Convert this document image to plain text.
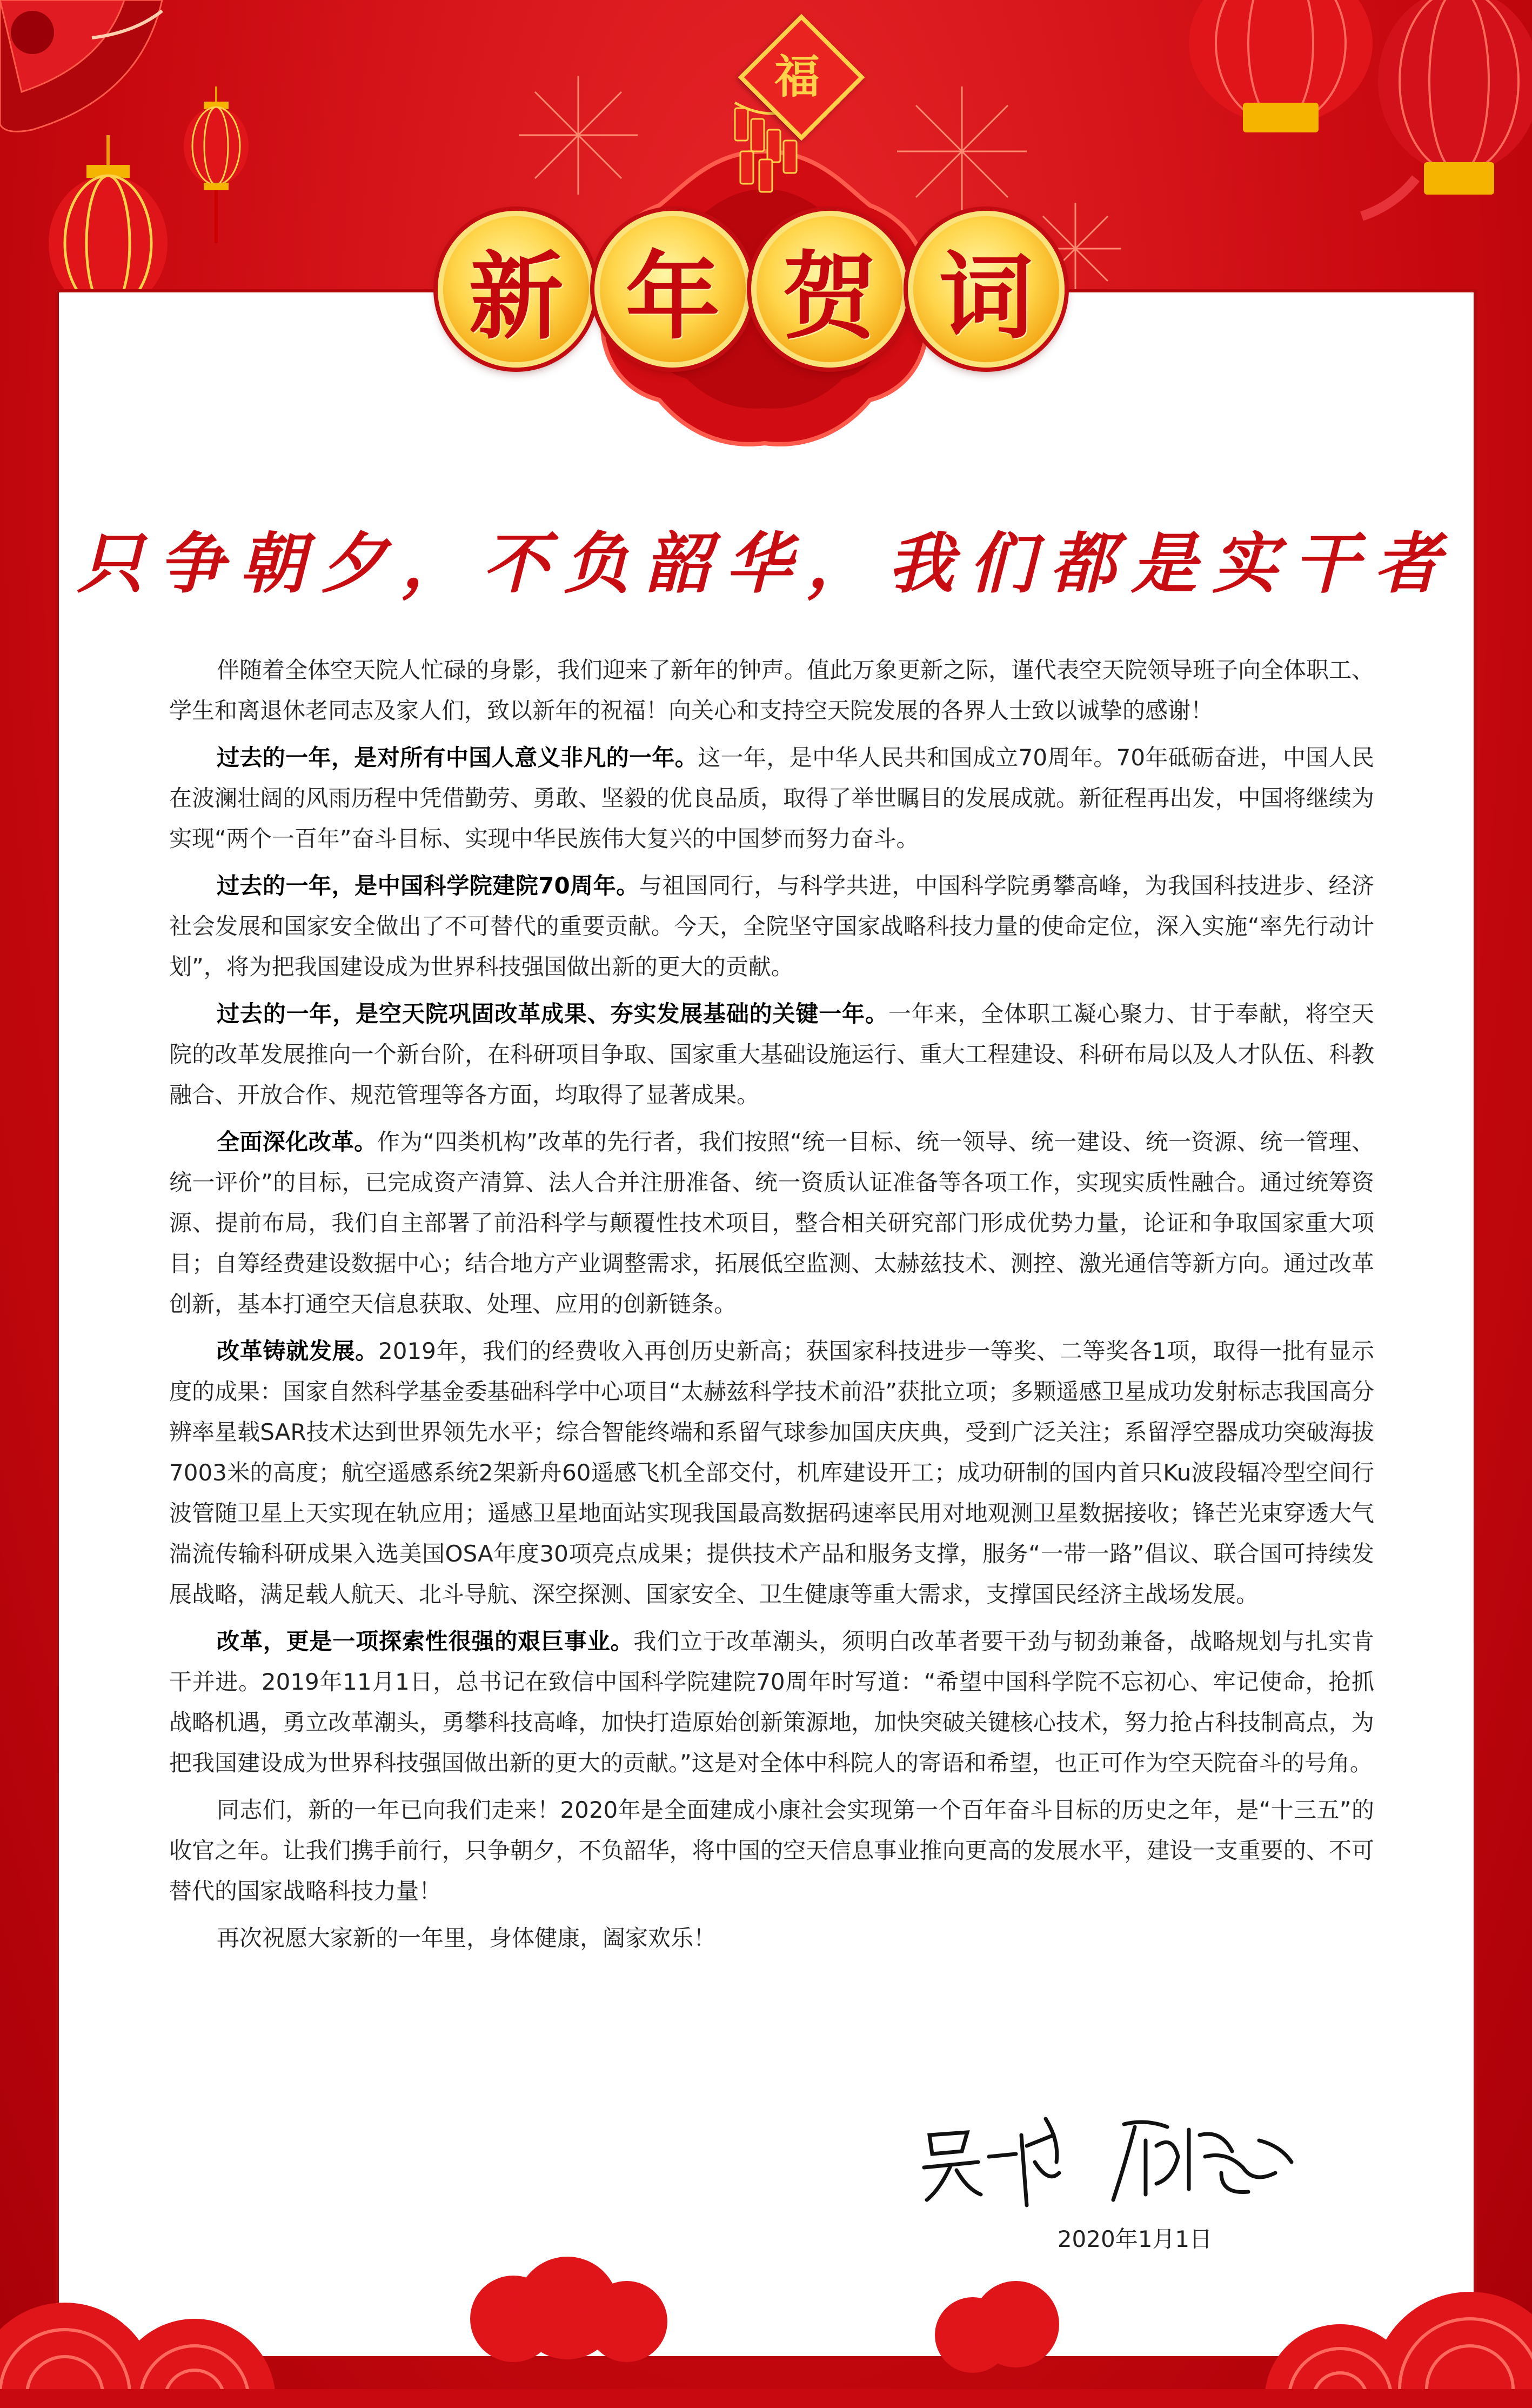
福
新 年 贺 词
只争朝夕，不负韶华，我们都是实干者

伴随着全体空天院人忙碌的身影，我们迎来了新年的钟声。值此万象更新之际，谨代表空天院领导班子向全体职工、学生和离退休老同志及家人们，致以新年的祝福！向关心和支持空天院发展的各界人士致以诚挚的感谢！

过去的一年，是对所有中国人意义非凡的一年。这一年，是中华人民共和国成立70周年。70年砥砺奋进，中国人民在波澜壮阔的风雨历程中凭借勤劳、勇敢、坚毅的优良品质，取得了举世瞩目的发展成就。新征程再出发，中国将继续为实现“两个一百年”奋斗目标、实现中华民族伟大复兴的中国梦而努力奋斗。

过去的一年，是中国科学院建院70周年。与祖国同行，与科学共进，中国科学院勇攀高峰，为我国科技进步、经济社会发展和国家安全做出了不可替代的重要贡献。今天，全院坚守国家战略科技力量的使命定位，深入实施“率先行动计划”，将为把我国建设成为世界科技强国做出新的更大的贡献。

过去的一年，是空天院巩固改革成果、夯实发展基础的关键一年。一年来，全体职工凝心聚力、甘于奉献，将空天院的改革发展推向一个新台阶，在科研项目争取、国家重大基础设施运行、重大工程建设、科研布局以及人才队伍、科教融合、开放合作、规范管理等各方面，均取得了显著成果。

全面深化改革。作为“四类机构”改革的先行者，我们按照“统一目标、统一领导、统一建设、统一资源、统一管理、统一评价”的目标，已完成资产清算、法人合并注册准备、统一资质认证准备等各项工作，实现实质性融合。通过统筹资源、提前布局，我们自主部署了前沿科学与颠覆性技术项目，整合相关研究部门形成优势力量，论证和争取国家重大项目；自筹经费建设数据中心；结合地方产业调整需求，拓展低空监测、太赫兹技术、测控、激光通信等新方向。通过改革创新，基本打通空天信息获取、处理、应用的创新链条。

改革铸就发展。2019年，我们的经费收入再创历史新高；获国家科技进步一等奖、二等奖各1项，取得一批有显示度的成果：国家自然科学基金委基础科学中心项目“太赫兹科学技术前沿”获批立项；多颗遥感卫星成功发射标志我国高分辨率星载SAR技术达到世界领先水平；综合智能终端和系留气球参加国庆庆典，受到广泛关注；系留浮空器成功突破海拔7003米的高度；航空遥感系统2架新舟60遥感飞机全部交付，机库建设开工；成功研制的国内首只Ku波段辐冷型空间行波管随卫星上天实现在轨应用；遥感卫星地面站实现我国最高数据码速率民用对地观测卫星数据接收；锋芒光束穿透大气湍流传输科研成果入选美国OSA年度30项亮点成果；提供技术产品和服务支撑，服务“一带一路”倡议、联合国可持续发展战略，满足载人航天、北斗导航、深空探测、国家安全、卫生健康等重大需求，支撑国民经济主战场发展。

改革，更是一项探索性很强的艰巨事业。我们立于改革潮头，须明白改革者要干劲与韧劲兼备，战略规划与扎实肯干并进。2019年11月1日，总书记在致信中国科学院建院70周年时写道：“希望中国科学院不忘初心、牢记使命，抢抓战略机遇，勇立改革潮头，勇攀科技高峰，加快打造原始创新策源地，加快突破关键核心技术，努力抢占科技制高点，为把我国建设成为世界科技强国做出新的更大的贡献。”这是对全体中科院人的寄语和希望，也正可作为空天院奋斗的号角。

同志们，新的一年已向我们走来！2020年是全面建成小康社会实现第一个百年奋斗目标的历史之年，是“十三五”的收官之年。让我们携手前行，只争朝夕，不负韶华，将中国的空天信息事业推向更高的发展水平，建设一支重要的、不可替代的国家战略科技力量！

再次祝愿大家新的一年里，身体健康，阖家欢乐！

2020年1月1日
